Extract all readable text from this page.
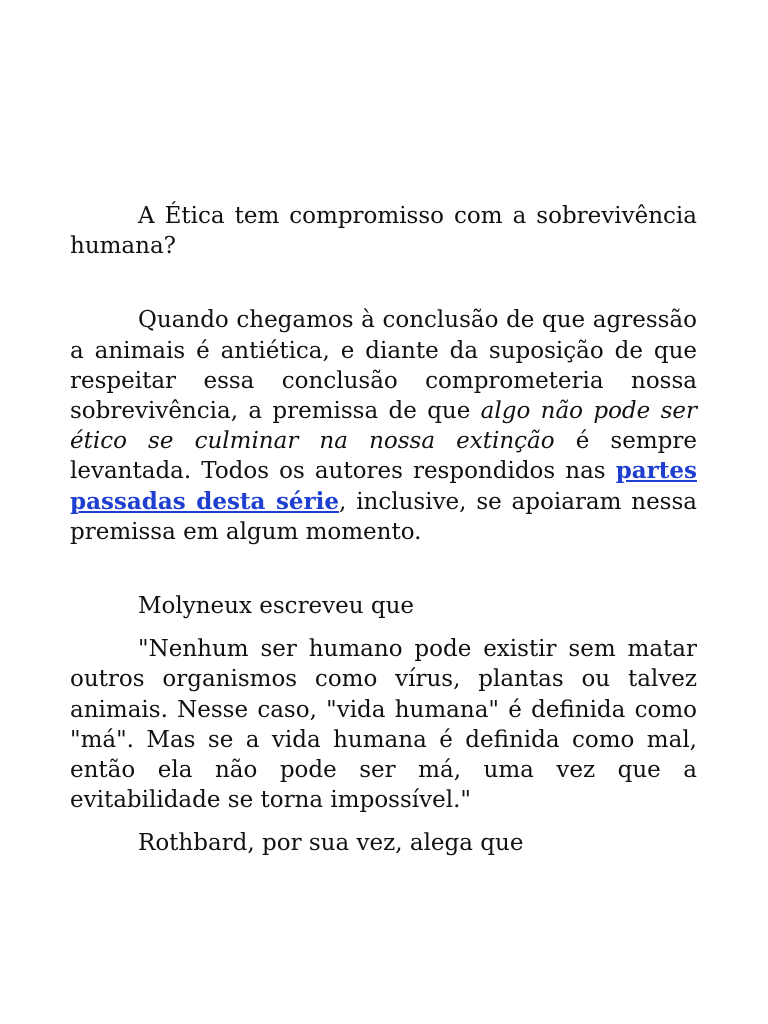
A Ética tem compromisso com a sobrevivência humana?

Quando chegamos à conclusão de que agressão a animais é antiética, e diante da suposição de que respeitar essa conclusão comprometeria nossa sobrevivência, a premissa de que algo não pode ser ético se culminar na nossa extinção é sempre levantada. Todos os autores respondidos nas partes passadas desta série, inclusive, se apoiaram nessa premissa em algum momento.

Molyneux escreveu que

"Nenhum ser humano pode existir sem matar outros organismos como vírus, plantas ou talvez animais. Nesse caso, "vida humana" é definida como "má". Mas se a vida humana é definida como mal, então ela não pode ser má, uma vez que a evitabilidade se torna impossível."

Rothbard, por sua vez, alega que
